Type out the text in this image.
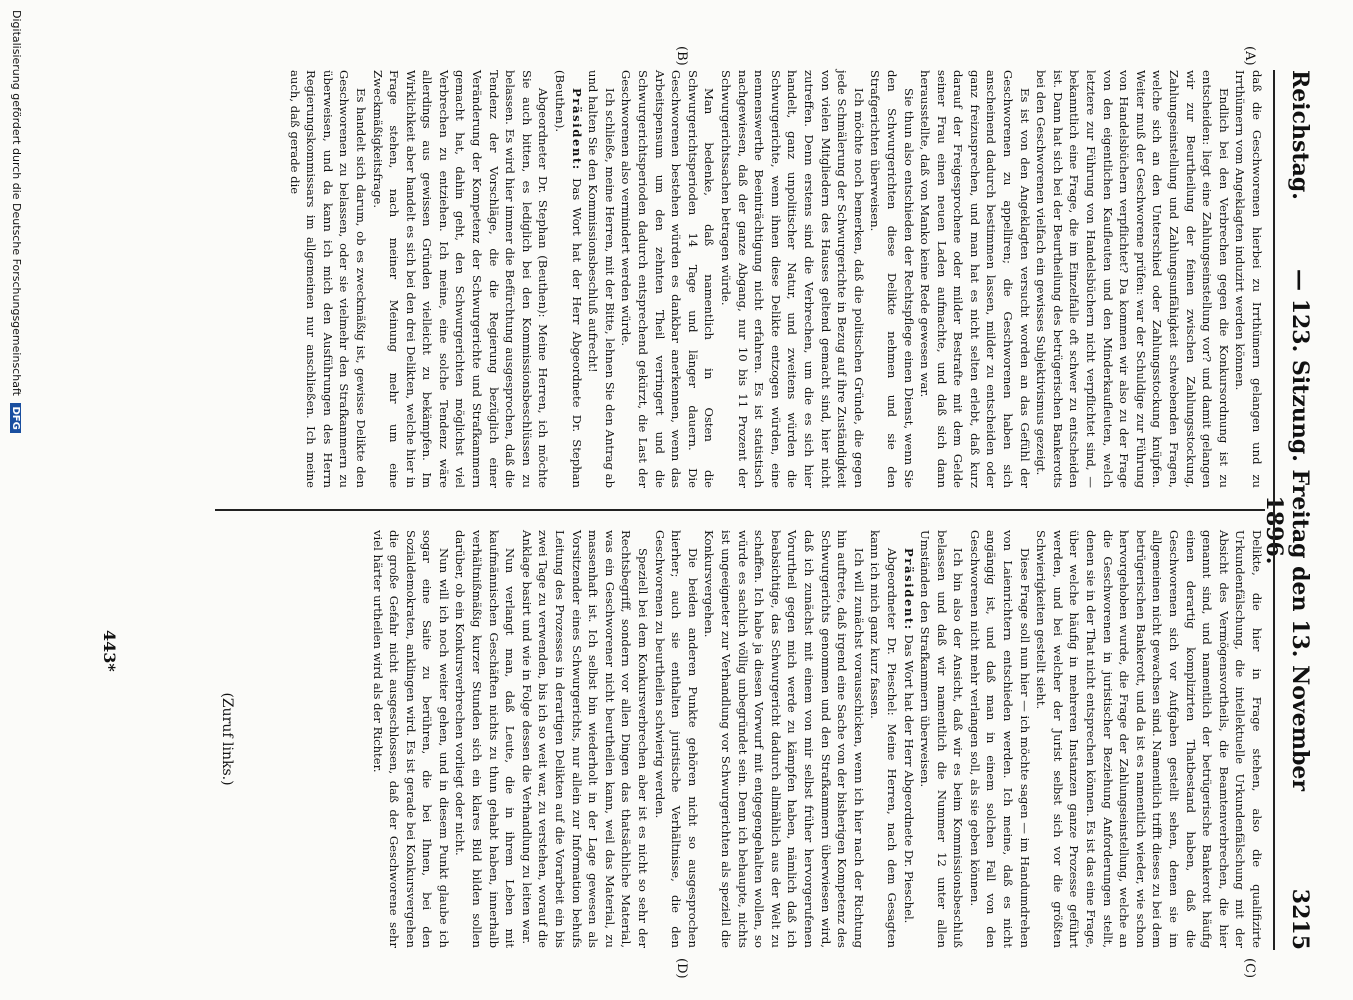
Reichstag.
— 123. Sitzung. Freitag den 13. November 1896.
3215
(A)
(B)
(C)
(D)

daß die Geschworenen hierbei zu Irrthümern gelangen und zu Irrthümern vom Angeklagten induzirt werden können.

Endlich bei den Verbrechen gegen die Konkursordnung ist zu entscheiden: liegt eine Zahlungseinstellung vor? und damit gelangen wir zur Beurtheilung der feinen zwischen Zahlungsstockung, Zahlungseinstellung und Zahlungsunfähigkeit schwebenden Fragen, welche sich an den Unterschied oder Zahlungsstockung knüpfen. Weiter muß der Geschworene prüfen: war der Schuldige zur Führung von Handelsbüchern verpflichtet? Da kommen wir also zu der Frage von den eigentlichen Kaufleuten und den Minderkaufleuten, welch letztere zur Führung von Handelsbüchern nicht verpflichtet sind, — bekanntlich eine Frage, die im Einzelfalle oft schwer zu entscheiden ist. Dann hat sich bei der Beurtheilung des betrügerischen Bankerotts bei den Geschworenen vielfach ein gewisses Subjektivismus gezeigt.

Es ist von den Angeklagten versucht worden an das Gefühl der Geschworenen zu appelliren; die Geschworenen haben sich anscheinend dadurch bestimmen lassen, milder zu entscheiden oder ganz freizusprechen, und man hat es nicht selten erlebt, daß kurz darauf der Freigesprochene oder milder Bestrafte mit dem Gelde seiner Frau einen neuen Laden aufmachte, und daß sich dann herausstellte, daß von Manko keine Rede gewesen war.

Sie thun also entschieden der Rechtspflege einen Dienst, wenn Sie den Schwurgerichten diese Delikte nehmen und sie den Strafgerichten überweisen.

Ich möchte noch bemerken, daß die politischen Gründe, die gegen jede Schmälerung der Schwurgerichte in Bezug auf ihre Zuständigkeit von vielen Mitgliedern des Hauses geltend gemacht sind, hier nicht zutreffen. Denn erstens sind die Verbrechen, um die es sich hier handelt, ganz unpolitischer Natur, und zweitens würden die Schwurgerichte, wenn ihnen diese Delikte entzogen würden, eine nennenswerthe Beeinträchtigung nicht erfahren. Es ist statistisch nachgewiesen, daß der ganze Abgang, nur 10 bis 11 Prozent der Schwurgerichtssachen betragen würde.

Man bedenke, daß namentlich in Osten die Schwurgerichtsperioden 14 Tage und länger dauern. Die Geschworenen bestehen würden es dankbar anerkennen, wenn das Arbeitspensum um den zehnten Theil verringert und die Schwurgerichtsperioden dadurch entsprechend gekürzt, die Last der Geschworenen also vermindert werden würde.

Ich schließe, meine Herren, mit der Bitte, lehnen Sie den Antrag ab und halten Sie den Kommissionsbeschluß aufrecht!

Präsident: Das Wort hat der Herr Abgeordnete Dr. Stephan (Beuthen).

Abgeordneter Dr. Stephan (Beuthen): Meine Herren, ich möchte Sie auch bitten, es lediglich bei den Kommissionsbeschlüssen zu belassen. Es wird hier immer die Befürchtung ausgesprochen, daß die Tendenz der Vorschläge, die die Regierung bezüglich einer Veränderung der Kompetenz der Schwurgerichte und Strafkammern gemacht hat, dahin geht, den Schwurgerichten möglichst viel Verbrechen zu entziehen. Ich meine, eine solche Tendenz wäre allerdings aus gewissen Gründen vielleicht zu bekämpfen. Im Wirklichkeit aber handelt es sich bei den drei Delikten, welche hier in Frage stehen, nach meiner Meinung mehr um eine Zweckmäßigkeitsfrage.

Es handelt sich darum, ob es zweckmäßig ist, gewisse Delikte den Geschworenen zu belassen, oder sie vielmehr den Strafkammern zu überweisen, und da kann ich mich den Ausführungen des Herrn Regierungskommissars im allgemeinen nur anschließen. Ich meine auch, daß gerade die

Delikte, die hier in Frage stehen, also die qualifizirte Urkundenfälschung, die intellektuelle Urkundenfälschung mit der Absicht des Vermögensvortheils, die Beamtenverbrechen, die hier genannt sind, und namentlich der betrügerische Bankerott häufig einen derartig komplizirten Thatbestand haben, daß die Geschworenen sich vor Aufgaben gestellt sehen, denen sie im allgemeinen nicht gewachsen sind. Namentlich trifft dieses zu bei dem betrügerischen Bankerott, und da ist es namentlich wieder, wie schon hervorgehoben wurde, die Frage der Zahlungseinstellung, welche an die Geschworenen in juristischer Beziehung Anforderungen stellt, denen sie in der That nicht entsprechen können. Es ist das eine Frage, über welche häufig in mehreren Instanzen ganze Prozesse geführt werden, und bei welcher der Jurist selbst sich vor die größten Schwierigkeiten gestellt sieht.

Diese Frage soll nun hier — ich möchte sagen — im Handumdrehen von Laienrichtern entschieden werden. Ich meine, daß es nicht angängig ist, und daß man in einem solchen Fall von den Geschworenen nicht mehr verlangen soll, als sie geben können.

Ich bin also der Ansicht, daß wir es beim Kommissionsbeschluß belassen und daß wir namentlich die Nummer 12 unter allen Umständen den Strafkammern überweisen.

Präsident: Das Wort hat der Herr Abgeordnete Dr. Pieschel.

Abgeordneter Dr. Pieschel: Meine Herren, nach dem Gesagten kann ich mich ganz kurz fassen.

Ich will zunächst vorausschicken, wenn ich hier nach der Richtung hin auftrete, daß irgend eine Sache von der bisherigen Kompetenz des Schwurgerichts genommen und den Strafkammern überwiesen wird, daß ich zunächst mit einem von mir selbst früher hervorgerufenen Vorurtheil gegen mich werde zu kämpfen haben, nämlich daß ich beabsichtige, das Schwurgericht dadurch allmählich aus der Welt zu schaffen. Ich habe ja diesen Vorwurf mit entgegengehalten wollen, so würde es sachlich völlig unbegründet sein. Denn ich behaupte, nichts ist ungeeigneter zur Verhandlung vor Schwurgerichten als speziell die Konkursvergehen.

Die beiden anderen Punkte gehören nicht so ausgesprochen hierher; auch sie enthalten juristische Verhältnisse, die den Geschworenen zu beurtheilen schwierig werden.

Speziell bei dem Konkursverbrechen aber ist es nicht so sehr der Rechtsbegriff, sondern vor allen Dingen das thatsächliche Material, was ein Geschworener nicht beurtheilen kann, weil das Material, zu massenhaft ist. Ich selbst bin wiederholt in der Lage gewesen als Vorsitzender eines Schwurgerichts, nur allein zur Information behufs Leitung des Prozesses in derartigen Delikten auf die Vorarbeit ein bis zwei Tage zu verwenden, bis ich so weit war, zu verstehen, worauf die Anklage basirt und wie in Folge dessen die Verhandlung zu leiten war.

Nun verlangt man, daß Leute, die in ihrem Leben mit kaufmännischen Geschäften nichts zu thun gehabt haben, innerhalb verhältnißmäßig kurzer Stunden sich ein klares Bild bilden sollen darüber, ob ein Konkursverbrechen vorliegt oder nicht.

Nun will ich noch weiter gehen, und in diesem Punkt glaube ich sogar eine Saite zu berühren, die bei Ihnen, bei den Sozialdemokraten, anklingen wird. Es ist gerade bei Konkursvergehen die große Gefahr nicht ausgeschlossen, daß der Geschworene sehr viel härter urtheilen wird als der Richter.

(Zuruf links.)
443*
Digitalisierung gefördert durch die Deutsche Forschungsgemeinschaft DFG
